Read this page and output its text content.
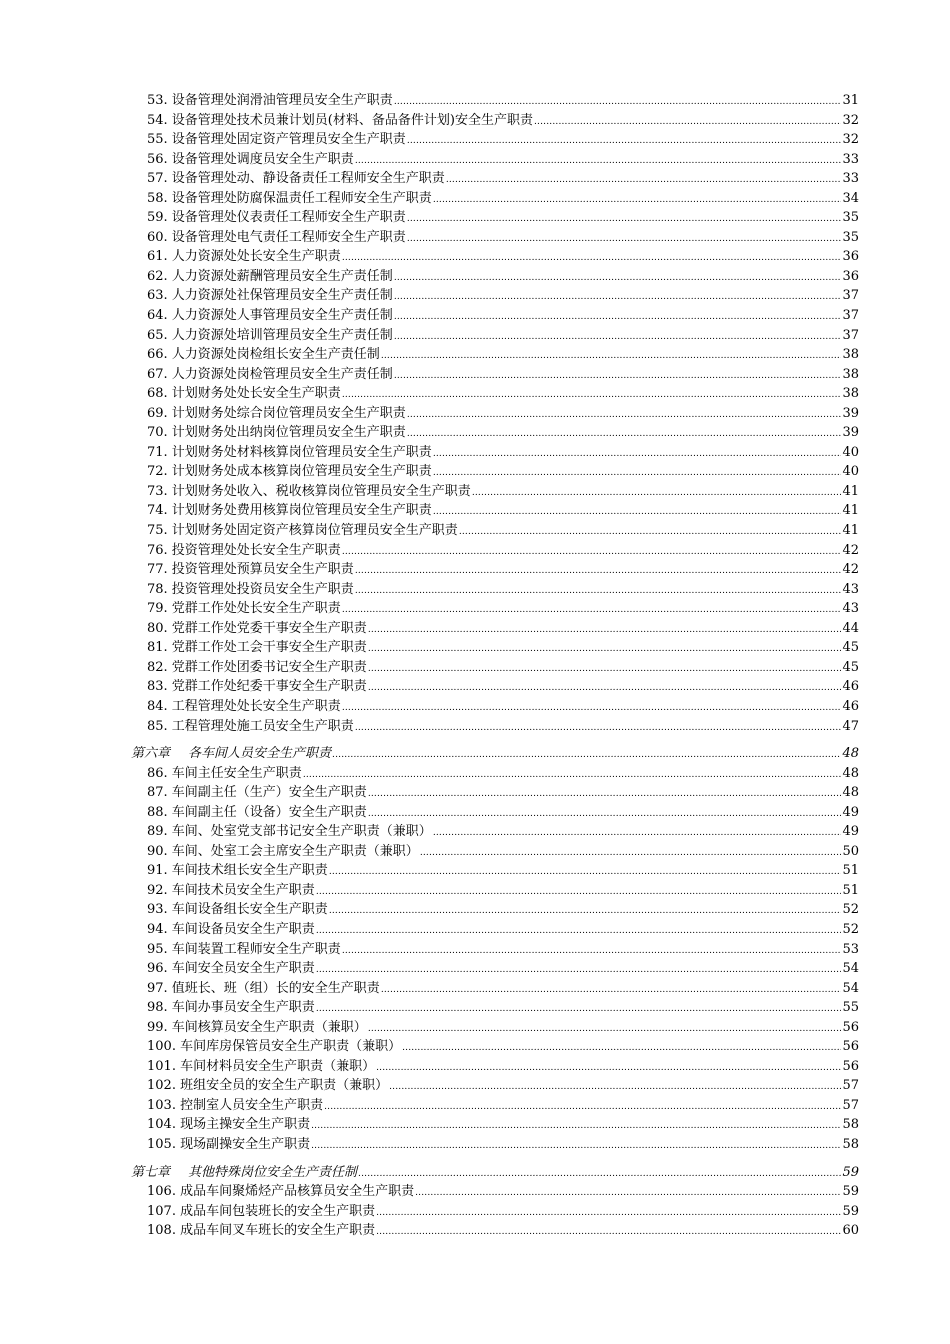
53. 设备管理处润滑油管理员安全生产职责 .....	31
54. 设备管理处技术员兼计划员(材料、备品备件计划)安全生产职责 .....	32
55. 设备管理处固定资产管理员安全生产职责 .....	32
56. 设备管理处调度员安全生产职责 .....	33
57. 设备管理处动、静设备责任工程师安全生产职责 .....	33
58. 设备管理处防腐保温责任工程师安全生产职责 .....	34
59. 设备管理处仪表责任工程师安全生产职责 .....	35
60. 设备管理处电气责任工程师安全生产职责 .....	35
61. 人力资源处处长安全生产职责 .....	36
62. 人力资源处薪酬管理员安全生产责任制 .....	36
63. 人力资源处社保管理员安全生产责任制 .....	37
64. 人力资源处人事管理员安全生产责任制 .....	37
65. 人力资源处培训管理员安全生产责任制 .....	37
66. 人力资源处岗检组长安全生产责任制 .....	38
67. 人力资源处岗检管理员安全生产责任制 .....	38
68. 计划财务处处长安全生产职责 .....	38
69. 计划财务处综合岗位管理员安全生产职责 .....	39
70. 计划财务处出纳岗位管理员安全生产职责 .....	39
71. 计划财务处材料核算岗位管理员安全生产职责 .....	40
72. 计划财务处成本核算岗位管理员安全生产职责 .....	40
73. 计划财务处收入、税收核算岗位管理员安全生产职责 .....	41
74. 计划财务处费用核算岗位管理员安全生产职责 .....	41
75. 计划财务处固定资产核算岗位管理员安全生产职责 .....	41
76. 投资管理处处长安全生产职责 .....	42
77. 投资管理处预算员安全生产职责 .....	42
78. 投资管理处投资员安全生产职责 .....	43
79. 党群工作处处长安全生产职责 .....	43
80. 党群工作处党委干事安全生产职责 .....	44
81. 党群工作处工会干事安全生产职责 .....	45
82. 党群工作处团委书记安全生产职责 .....	45
83. 党群工作处纪委干事安全生产职责 .....	46
84. 工程管理处处长安全生产职责 .....	46
85. 工程管理处施工员安全生产职责 .....	47
第六章 各车间人员安全生产职责 .....	48
86. 车间主任安全生产职责 .....	48
87. 车间副主任（生产）安全生产职责 .....	48
88. 车间副主任（设备）安全生产职责 .....	49
89. 车间、处室党支部书记安全生产职责（兼职） .....	49
90. 车间、处室工会主席安全生产职责（兼职） .....	50
91. 车间技术组长安全生产职责 .....	51
92. 车间技术员安全生产职责 .....	51
93. 车间设备组长安全生产职责 .....	52
94. 车间设备员安全生产职责 .....	52
95. 车间装置工程师安全生产职责 .....	53
96. 车间安全员安全生产职责 .....	54
97. 值班长、班（组）长的安全生产职责 .....	54
98. 车间办事员安全生产职责 .....	55
99. 车间核算员安全生产职责（兼职） .....	56
100. 车间库房保管员安全生产职责（兼职） .....	56
101. 车间材料员安全生产职责（兼职） .....	56
102. 班组安全员的安全生产职责（兼职） .....	57
103. 控制室人员安全生产职责 .....	57
104. 现场主操安全生产职责 .....	58
105. 现场副操安全生产职责 .....	58
第七章 其他特殊岗位安全生产责任制 .....	59
106. 成品车间聚烯烃产品核算员安全生产职责 .....	59
107. 成品车间包装班长的安全生产职责 .....	59
108. 成品车间叉车班长的安全生产职责 .....	60
